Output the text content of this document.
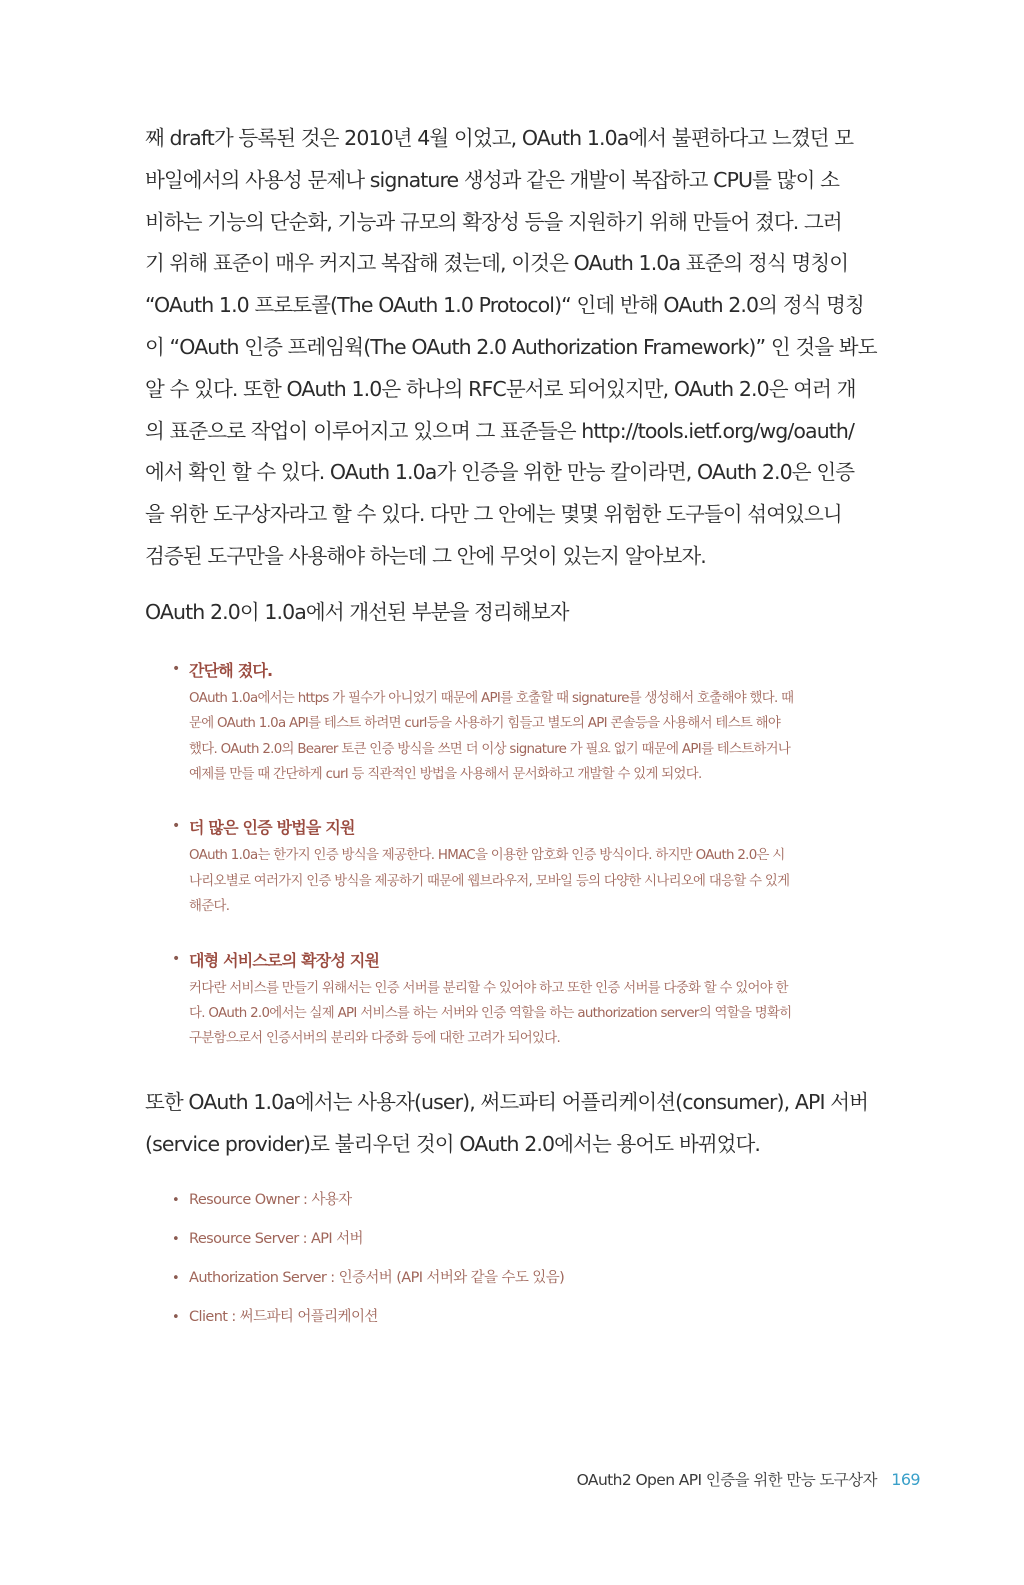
째 draft가 등록된 것은 2010년 4월 이었고, OAuth 1.0a에서 불편하다고 느꼈던 모

바일에서의 사용성 문제나 signature 생성과 같은 개발이 복잡하고 CPU를 많이 소

비하는 기능의 단순화, 기능과 규모의 확장성 등을 지원하기 위해 만들어 졌다. 그러

기 위해 표준이 매우 커지고 복잡해 졌는데, 이것은 OAuth 1.0a 표준의 정식 명칭이

“OAuth 1.0 프로토콜(The OAuth 1.0 Protocol)“ 인데 반해 OAuth 2.0의 정식 명칭

이 “OAuth 인증 프레임웍(The OAuth 2.0 Authorization Framework)” 인 것을 봐도

알 수 있다. 또한 OAuth 1.0은 하나의 RFC문서로 되어있지만, OAuth 2.0은 여러 개

의 표준으로 작업이 이루어지고 있으며 그 표준들은 http://tools.ietf.org/wg/oauth/

에서 확인 할 수 있다. OAuth 1.0a가 인증을 위한 만능 칼이라면, OAuth 2.0은 인증

을 위한 도구상자라고 할 수 있다. 다만 그 안에는 몇몇 위험한 도구들이 섞여있으니

검증된 도구만을 사용해야 하는데 그 안에 무엇이 있는지 알아보자.

OAuth 2.0이 1.0a에서 개선된 부분을 정리해보자

• 간단해 졌다.
OAuth 1.0a에서는 https 가 필수가 아니었기 때문에 API를 호출할 때 signature를 생성해서 호출해야 했다. 때
문에 OAuth 1.0a API를 테스트 하려면 curl등을 사용하기 힘들고 별도의 API 콘솔등을 사용해서 테스트 해야
했다. OAuth 2.0의 Bearer 토큰 인증 방식을 쓰면 더 이상 signature 가 필요 없기 때문에 API를 테스트하거나
예제를 만들 때 간단하게 curl 등 직관적인 방법을 사용해서 문서화하고 개발할 수 있게 되었다.
• 더 많은 인증 방법을 지원
OAuth 1.0a는 한가지 인증 방식을 제공한다. HMAC을 이용한 암호화 인증 방식이다. 하지만 OAuth 2.0은 시
나리오별로 여러가지 인증 방식을 제공하기 때문에 웹브라우저, 모바일 등의 다양한 시나리오에 대응할 수 있게
해준다.
• 대형 서비스로의 확장성 지원
커다란 서비스를 만들기 위해서는 인증 서버를 분리할 수 있어야 하고 또한 인증 서버를 다중화 할 수 있어야 한
다. OAuth 2.0에서는 실제 API 서비스를 하는 서버와 인증 역할을 하는 authorization server의 역할을 명확히
구분함으로서 인증서버의 분리와 다중화 등에 대한 고려가 되어있다.

또한 OAuth 1.0a에서는 사용자(user), 써드파티 어플리케이션(consumer), API 서버

(service provider)로 불리우던 것이 OAuth 2.0에서는 용어도 바뀌었다.

• Resource Owner : 사용자
• Resource Server : API 서버
• Authorization Server : 인증서버 (API 서버와 같을 수도 있음)
• Client : 써드파티 어플리케이션
OAuth2 Open API 인증을 위한 만능 도구상자 169
